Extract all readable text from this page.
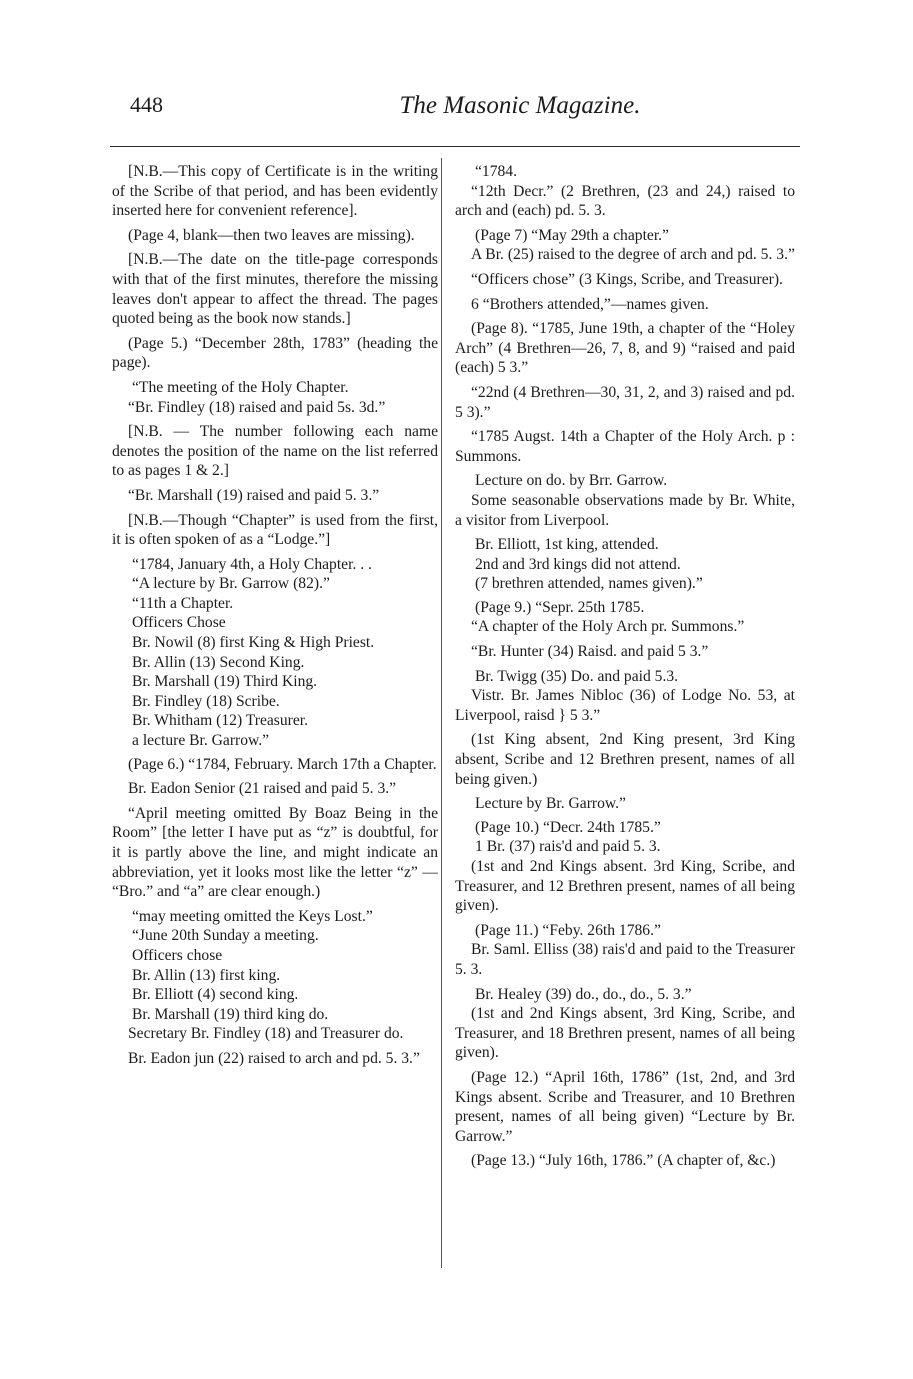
448	The Masonic Magazine.

[N.B.—This copy of Certificate is in the writing of the Scribe of that period, and has been evidently inserted here for convenient reference].

(Page 4, blank—then two leaves are missing).

[N.B.—The date on the title-page corresponds with that of the first minutes, therefore the missing leaves don't appear to affect the thread. The pages quoted being as the book now stands.]

(Page 5.) “December 28th, 1783” (heading the page).

“The meeting of the Holy Chapter.

“Br. Findley (18) raised and paid 5s. 3d.”

[N.B. — The number following each name denotes the position of the name on the list referred to as pages 1 & 2.]

“Br. Marshall (19) raised and paid 5. 3.”

[N.B.—Though “Chapter” is used from the first, it is often spoken of as a “Lodge.”]

“1784, January 4th, a Holy Chapter. . .

“A lecture by Br. Garrow (82).”

“11th a Chapter.

Officers Chose

Br. Nowil (8) first King & High Priest.

Br. Allin (13) Second King.

Br. Marshall (19) Third King.

Br. Findley (18) Scribe.

Br. Whitham (12) Treasurer.

a lecture Br. Garrow.”

(Page 6.) “1784, February. March 17th a Chapter.

Br. Eadon Senior (21 raised and paid 5. 3.”

“April meeting omitted By Boaz Being in the Room” [the letter I have put as “z” is doubtful, for it is partly above the line, and might indicate an abbreviation, yet it looks most like the letter “z” — “Bro.” and “a” are clear enough.)

“may meeting omitted the Keys Lost.”

“June 20th Sunday a meeting.

Officers chose

Br. Allin (13) first king.

Br. Elliott (4) second king.

Br. Marshall (19) third king do.

Secretary Br. Findley (18) and Treasurer do.

Br. Eadon jun (22) raised to arch and pd. 5. 3.”

“1784.

“12th Decr.” (2 Brethren, (23 and 24,) raised to arch and (each) pd. 5. 3.

(Page 7) “May 29th a chapter.”

A Br. (25) raised to the degree of arch and pd. 5. 3.”

“Officers chose” (3 Kings, Scribe, and Treasurer).

6 “Brothers attended,”—names given.

(Page 8). “1785, June 19th, a chapter of the “Holey Arch” (4 Brethren—26, 7, 8, and 9) “raised and paid (each) 5 3.”

“22nd (4 Brethren—30, 31, 2, and 3) raised and pd. 5 3).”

“1785 Augst. 14th a Chapter of the Holy Arch. p : Summons.

Lecture on do. by Brr. Garrow.

Some seasonable observations made by Br. White, a visitor from Liverpool.

Br. Elliott, 1st king, attended.

2nd and 3rd kings did not attend.

(7 brethren attended, names given).”

(Page 9.) “Sepr. 25th 1785.

“A chapter of the Holy Arch pr. Summons.”

“Br. Hunter (34) Raisd. and paid 5 3.”

Br. Twigg (35) Do. and paid 5.3.

Vistr. Br. James Nibloc (36) of Lodge No. 53, at Liverpool, raisd } 5 3.”

(1st King absent, 2nd King present, 3rd King absent, Scribe and 12 Brethren present, names of all being given.)

Lecture by Br. Garrow.”

(Page 10.) “Decr. 24th 1785.”

1 Br. (37) rais'd and paid 5. 3.

(1st and 2nd Kings absent. 3rd King, Scribe, and Treasurer, and 12 Brethren present, names of all being given).

(Page 11.) “Feby. 26th 1786.”

Br. Saml. Elliss (38) rais'd and paid to the Treasurer 5. 3.

Br. Healey (39) do., do., do., 5. 3.”

(1st and 2nd Kings absent, 3rd King, Scribe, and Treasurer, and 18 Brethren present, names of all being given).

(Page 12.) “April 16th, 1786” (1st, 2nd, and 3rd Kings absent. Scribe and Treasurer, and 10 Brethren present, names of all being given) “Lecture by Br. Garrow.”

(Page 13.) “July 16th, 1786.” (A chapter of, &c.)
